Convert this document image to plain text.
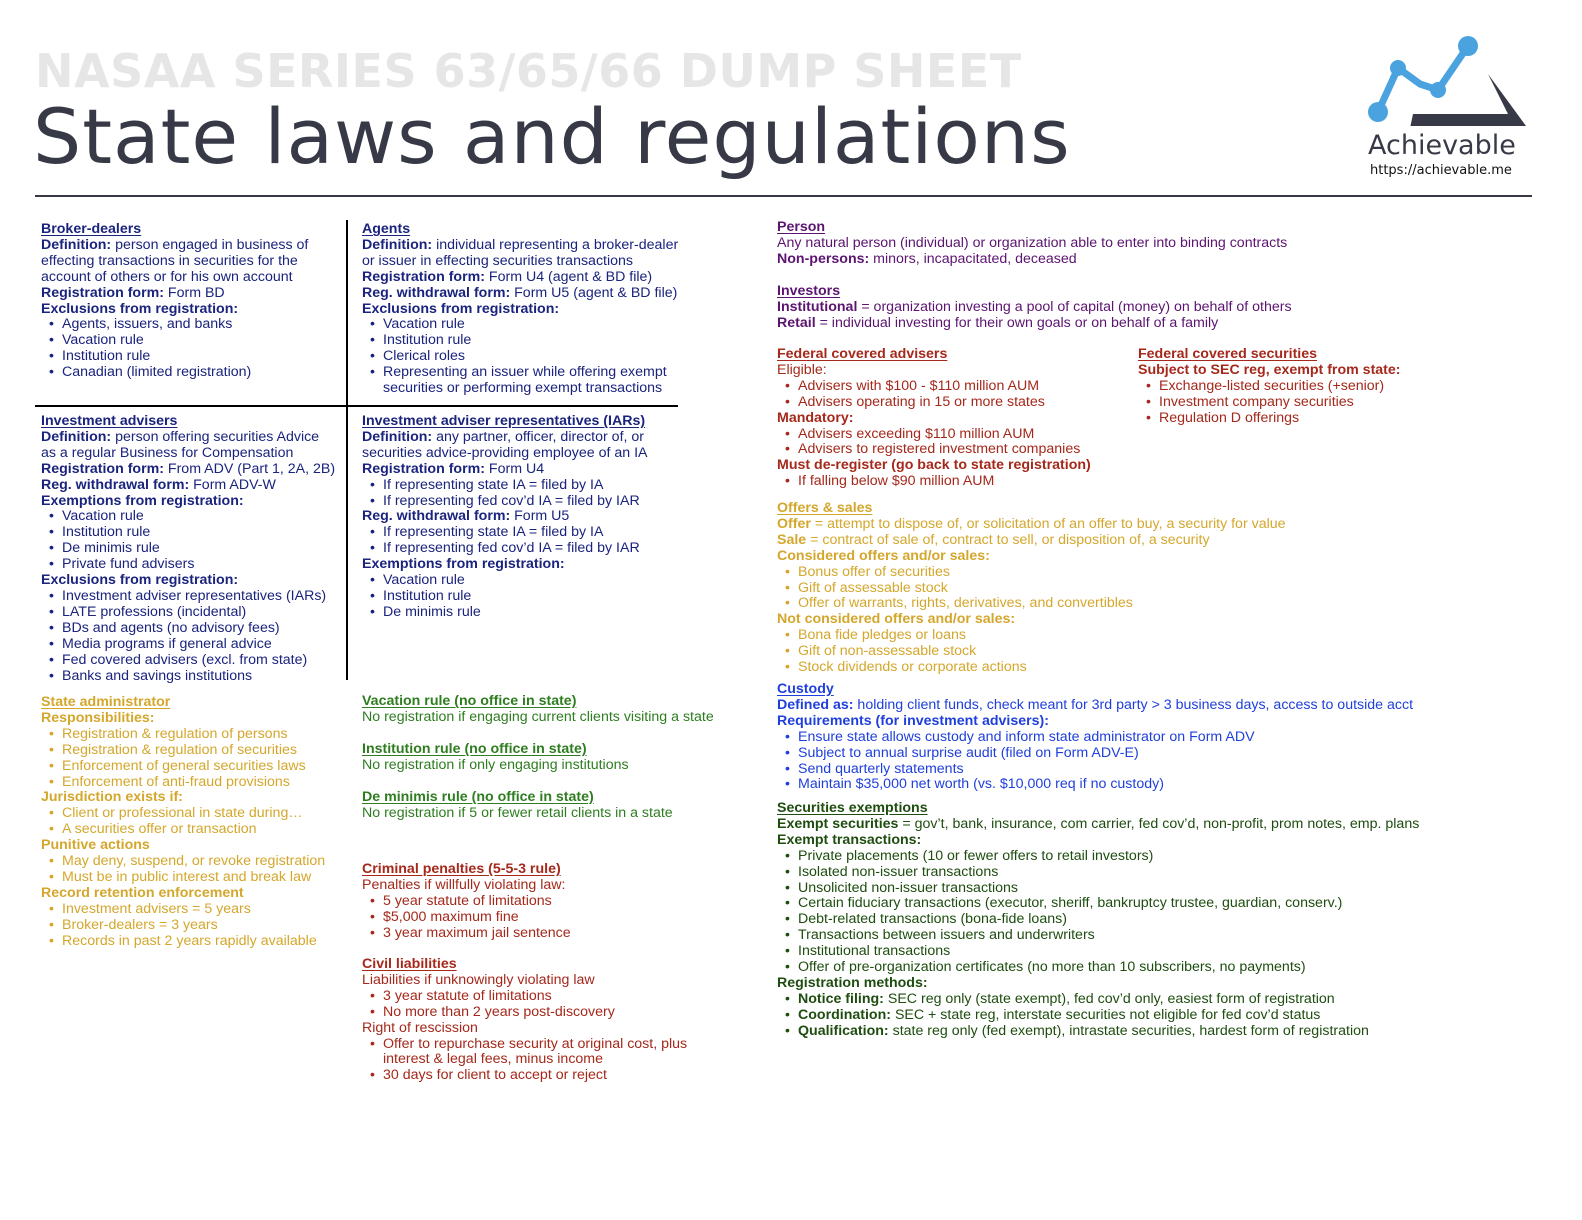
NASAA SERIES 63/65/66 DUMP SHEET
State laws and regulations	Achievable
https://achievable.me
Broker-dealers
Definition: person engaged in business of
effecting transactions in securities for the
account of others or for his own account
Registration form: Form BD
Exclusions from registration:
• Agents, issuers, and banks
• Vacation rule
• Institution rule
• Canadian (limited registration)
Agents
Definition: individual representing a broker-dealer
or issuer in effecting securities transactions
Registration form: Form U4 (agent & BD file)
Reg. withdrawal form: Form U5 (agent & BD file)
Exclusions from registration:
• Vacation rule
• Institution rule
• Clerical roles
• Representing an issuer while offering exempt
securities or performing exempt transactions
Investment advisers
Definition: person offering securities Advice
as a regular Business for Compensation
Registration form: From ADV (Part 1, 2A, 2B)
Reg. withdrawal form: Form ADV-W
Exemptions from registration:
• Vacation rule
• Institution rule
• De minimis rule
• Private fund advisers
Exclusions from registration:
• Investment adviser representatives (IARs)
• LATE professions (incidental)
• BDs and agents (no advisory fees)
• Media programs if general advice
• Fed covered advisers (excl. from state)
• Banks and savings institutions
Investment adviser representatives (IARs)
Definition: any partner, officer, director of, or
securities advice-providing employee of an IA
Registration form: Form U4
• If representing state IA = filed by IA
• If representing fed cov’d IA = filed by IAR
Reg. withdrawal form: Form U5
• If representing state IA = filed by IA
• If representing fed cov’d IA = filed by IAR
Exemptions from registration:
• Vacation rule
• Institution rule
• De minimis rule
State administrator
Responsibilities:
• Registration & regulation of persons
• Registration & regulation of securities
• Enforcement of general securities laws
• Enforcement of anti-fraud provisions
Jurisdiction exists if:
• Client or professional in state during…
• A securities offer or transaction
Punitive actions
• May deny, suspend, or revoke registration
• Must be in public interest and break law
Record retention enforcement
• Investment advisers = 5 years
• Broker-dealers = 3 years
• Records in past 2 years rapidly available
Vacation rule (no office in state)
No registration if engaging current clients visiting a state
Institution rule (no office in state)
No registration if only engaging institutions
De minimis rule (no office in state)
No registration if 5 or fewer retail clients in a state
Criminal penalties (5-5-3 rule)
Penalties if willfully violating law:
• 5 year statute of limitations
• $5,000 maximum fine
• 3 year maximum jail sentence
Civil liabilities
Liabilities if unknowingly violating law
• 3 year statute of limitations
• No more than 2 years post-discovery
Right of rescission
• Offer to repurchase security at original cost, plus
interest & legal fees, minus income
• 30 days for client to accept or reject
Person
Any natural person (individual) or organization able to enter into binding contracts
Non-persons: minors, incapacitated, deceased
Investors
Institutional = organization investing a pool of capital (money) on behalf of others
Retail = individual investing for their own goals or on behalf of a family
Federal covered advisers
Eligible:
• Advisers with $100 - $110 million AUM
• Advisers operating in 15 or more states
Mandatory:
• Advisers exceeding $110 million AUM
• Advisers to registered investment companies
Must de-register (go back to state registration)
• If falling below $90 million AUM
Federal covered securities
Subject to SEC reg, exempt from state:
• Exchange-listed securities (+senior)
• Investment company securities
• Regulation D offerings
Offers & sales
Offer = attempt to dispose of, or solicitation of an offer to buy, a security for value
Sale = contract of sale of, contract to sell, or disposition of, a security
Considered offers and/or sales:
• Bonus offer of securities
• Gift of assessable stock
• Offer of warrants, rights, derivatives, and convertibles
Not considered offers and/or sales:
• Bona fide pledges or loans
• Gift of non-assessable stock
• Stock dividends or corporate actions
Custody
Defined as: holding client funds, check meant for 3rd party > 3 business days, access to outside acct
Requirements (for investment advisers):
• Ensure state allows custody and inform state administrator on Form ADV
• Subject to annual surprise audit (filed on Form ADV-E)
• Send quarterly statements
• Maintain $35,000 net worth (vs. $10,000 req if no custody)
Securities exemptions
Exempt securities = gov’t, bank, insurance, com carrier, fed cov’d, non-profit, prom notes, emp. plans
Exempt transactions:
• Private placements (10 or fewer offers to retail investors)
• Isolated non-issuer transactions
• Unsolicited non-issuer transactions
• Certain fiduciary transactions (executor, sheriff, bankruptcy trustee, guardian, conserv.)
• Debt-related transactions (bona-fide loans)
• Transactions between issuers and underwriters
• Institutional transactions
• Offer of pre-organization certificates (no more than 10 subscribers, no payments)
Registration methods:
• Notice filing: SEC reg only (state exempt), fed cov’d only, easiest form of registration
• Coordination: SEC + state reg, interstate securities not eligible for fed cov’d status
• Qualification: state reg only (fed exempt), intrastate securities, hardest form of registration
